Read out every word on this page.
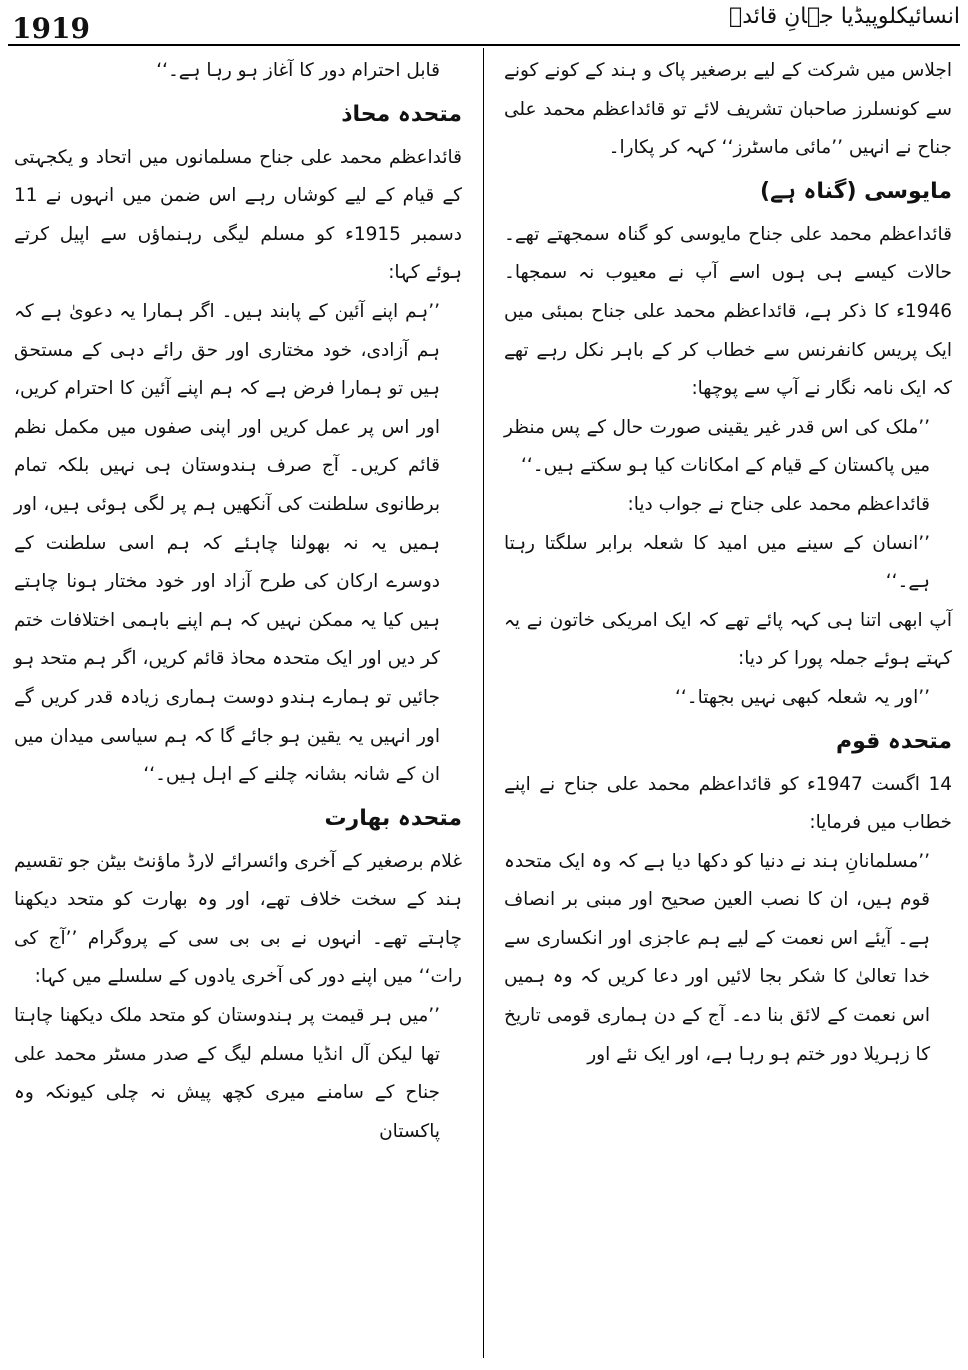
1919	انسائیکلوپیڈیا جہانِ قائدؒ

اجلاس میں شرکت کے لیے برصغیر پاک و ہند کے کونے کونے سے کونسلرز صاحبان تشریف لائے تو قائداعظم محمد علی جناح نے انہیں ’’مائی ماسٹرز‘‘ کہہ کر پکارا۔

مایوسی (گناہ ہے)

قائداعظم محمد علی جناح مایوسی کو گناہ سمجھتے تھے۔ حالات کیسے ہی ہوں اسے آپ نے معیوب نہ سمجھا۔ 1946ء کا ذکر ہے، قائداعظم محمد علی جناح بمبئی میں ایک پریس کانفرنس سے خطاب کر کے باہر نکل رہے تھے کہ ایک نامہ نگار نے آپ سے پوچھا:

’’ملک کی اس قدر غیر یقینی صورت حال کے پس منظر میں پاکستان کے قیام کے امکانات کیا ہو سکتے ہیں۔‘‘

قائداعظم محمد علی جناح نے جواب دیا:

’’انسان کے سینے میں امید کا شعلہ برابر سلگتا رہتا ہے۔‘‘

آپ ابھی اتنا ہی کہہ پائے تھے کہ ایک امریکی خاتون نے یہ کہتے ہوئے جملہ پورا کر دیا:

’’اور یہ شعلہ کبھی نہیں بجھتا۔‘‘

متحدہ قوم

14 اگست 1947ء کو قائداعظم محمد علی جناح نے اپنے خطاب میں فرمایا:

’’مسلمانانِ ہند نے دنیا کو دکھا دیا ہے کہ وہ ایک متحدہ قوم ہیں، ان کا نصب العین صحیح اور مبنی بر انصاف ہے۔ آیئے اس نعمت کے لیے ہم عاجزی اور انکساری سے خدا تعالیٰ کا شکر بجا لائیں اور دعا کریں کہ وہ ہمیں اس نعمت کے لائق بنا دے۔ آج کے دن ہماری قومی تاریخ کا زہریلا دور ختم ہو رہا ہے، اور ایک نئے اور

قابل احترام دور کا آغاز ہو رہا ہے۔‘‘

متحدہ محاذ

قائداعظم محمد علی جناح مسلمانوں میں اتحاد و یکجہتی کے قیام کے لیے کوشاں رہے اس ضمن میں انہوں نے 11 دسمبر 1915ء کو مسلم لیگی رہنماؤں سے اپیل کرتے ہوئے کہا:

’’ہم اپنے آئین کے پابند ہیں۔ اگر ہمارا یہ دعویٰ ہے کہ ہم آزادی، خود مختاری اور حق رائے دہی کے مستحق ہیں تو ہمارا فرض ہے کہ ہم اپنے آئین کا احترام کریں، اور اس پر عمل کریں اور اپنی صفوں میں مکمل نظم قائم کریں۔ آج صرف ہندوستان ہی نہیں بلکہ تمام برطانوی سلطنت کی آنکھیں ہم پر لگی ہوئی ہیں، اور ہمیں یہ نہ بھولنا چاہئے کہ ہم اسی سلطنت کے دوسرے ارکان کی طرح آزاد اور خود مختار ہونا چاہتے ہیں کیا یہ ممکن نہیں کہ ہم اپنے باہمی اختلافات ختم کر دیں اور ایک متحدہ محاذ قائم کریں، اگر ہم متحد ہو جائیں تو ہمارے ہندو دوست ہماری زیادہ قدر کریں گے اور انہیں یہ یقین ہو جائے گا کہ ہم سیاسی میدان میں ان کے شانہ بشانہ چلنے کے اہل ہیں۔‘‘

متحدہ بھارت

غلام برصغیر کے آخری وائسرائے لارڈ ماؤنٹ بیٹن جو تقسیم ہند کے سخت خلاف تھے، اور وہ بھارت کو متحد دیکھنا چاہتے تھے۔ انہوں نے بی بی سی کے پروگرام ’’آج کی رات‘‘ میں اپنے دور کی آخری یادوں کے سلسلے میں کہا:

’’میں ہر قیمت پر ہندوستان کو متحد ملک دیکھنا چاہتا تھا لیکن آل انڈیا مسلم لیگ کے صدر مسٹر محمد علی جناح کے سامنے میری کچھ پیش نہ چلی کیونکہ وہ پاکستان
